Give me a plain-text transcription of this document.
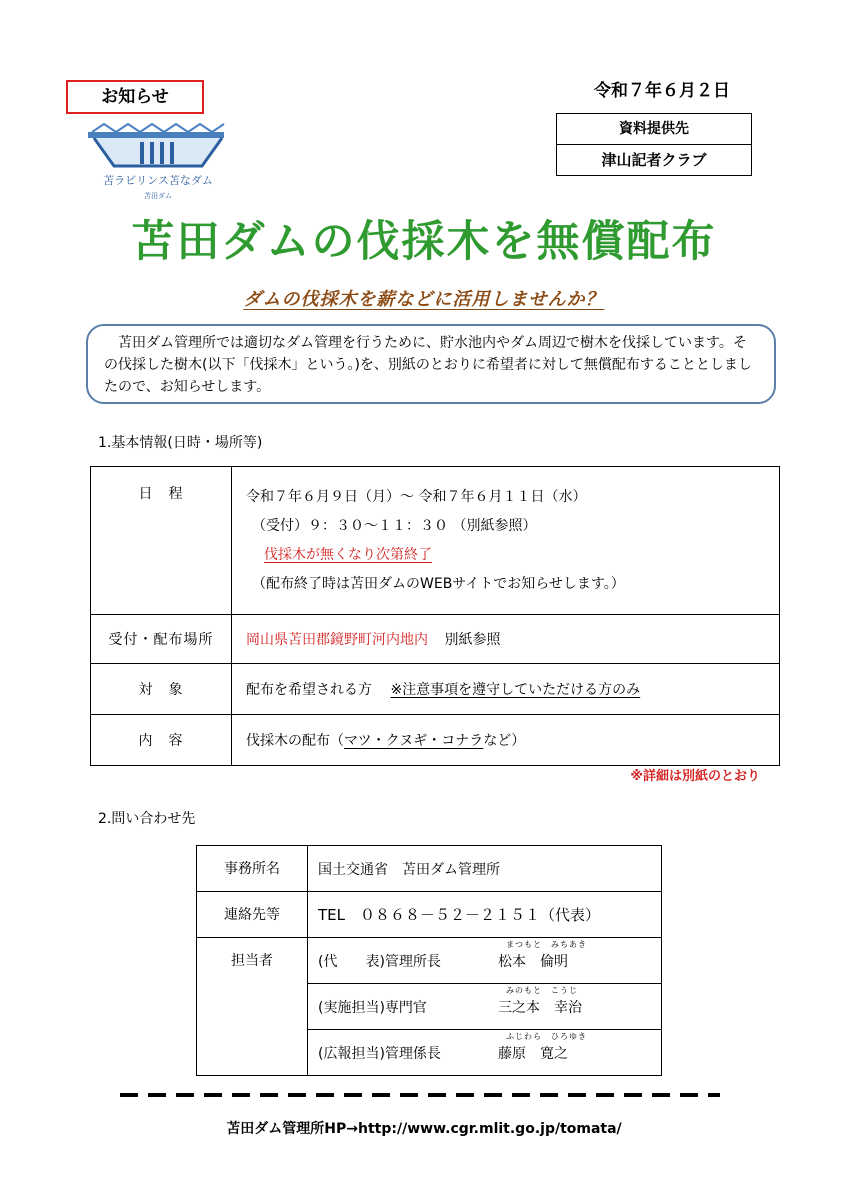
お知らせ
苫ラビリンス苫なダム
苫田ダム
令和７年６月２日
資料提供先
津山記者クラブ
苫田ダムの伐採木を無償配布
ダムの伐採木を薪などに活用しませんか？
苫田ダム管理所では適切なダム管理を行うために、貯水池内やダム周辺で樹木を伐採しています。その伐採した樹木(以下「伐採木」という。)を、別紙のとおりに希望者に対して無償配布することとしましたので、お知らせします。
1.基本情報(日時・場所等)
日　程	令和７年６月９日（月）～ 令和７年６月１１日（水）
（受付）９：３０～１１：３０ （別紙参照）
伐採木が無くなり次第終了
（配布終了時は苫田ダムのWEBサイトでお知らせします。）

受付・配布場所	岡山県苫田郡鏡野町河内地内 別紙参照
対　象	配布を希望される方 ※注意事項を遵守していただける方のみ
内　容	伐採木の配布（マツ・クヌギ・コナラなど）
※詳細は別紙のとおり
2.問い合わせ先
事務所名	国土交通省　苫田ダム管理所
連絡先等	TEL　０８６８－５２－２１５１（代表）
担当者	まつもと　みちあき
(代　　表)管理所長 松本　倫明

	みのもと　こうじ
(実施担当)専門官 三之本　幸治

	ふじわら　ひろゆき
(広報担当)管理係長 藤原　寛之
苫田ダム管理所HP→http://www.cgr.mlit.go.jp/tomata/
